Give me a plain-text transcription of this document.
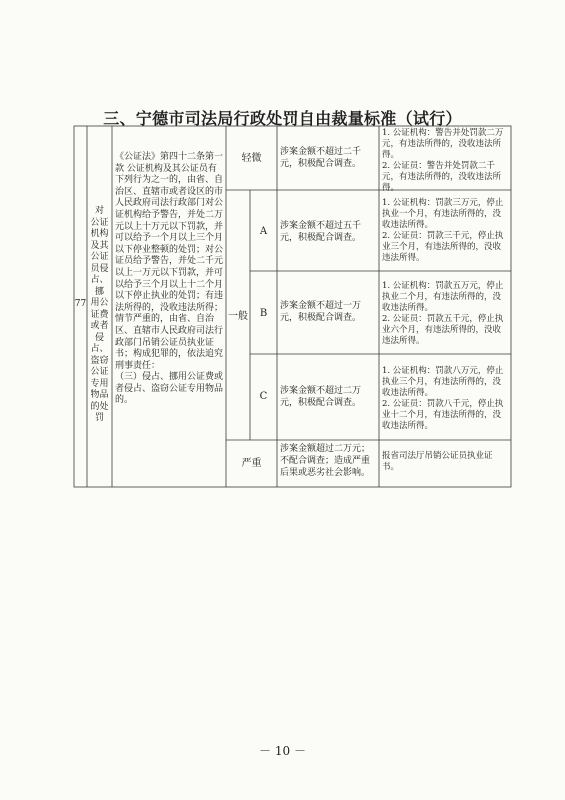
三、宁德市司法局行政处罚自由裁量标准（试行）
77
对
公证
机构
及其
公证
员侵
占、挪
用公
证费
或者
侵占、
盗窃
公证
专用
物品
的处
罚
《公证法》第四十二条第一款 公证机构及其公证员有下列行为之一的，由省、自治区、直辖市或者设区的市人民政府司法行政部门对公证机构给予警告，并处二万元以上十万元以下罚款，并可以给予一个月以上三个月以下停业整顿的处罚；对公证员给予警告，并处二千元以上一万元以下罚款，并可以给予三个月以上十二个月以下停止执业的处罚；有违法所得的，没收违法所得；情节严重的，由省、自治区、直辖市人民政府司法行政部门吊销公证员执业证书；构成犯罪的，依法追究刑事责任：
（三）侵占、挪用公证费或者侵占、盗窃公证专用物品的。
轻微
涉案金额不超过二千元，积极配合调查。
1. 公证机构：警告并处罚款二万元，有违法所得的，没收违法所得。
2. 公证员：警告并处罚款二千元，有违法所得的，没收违法所得。
一般
A	涉案金额不超过五千元，积极配合调查。
1. 公证机构：罚款三万元，停止执业一个月，有违法所得的，没收违法所得。
2. 公证员：罚款三千元，停止执业三个月，有违法所得的，没收违法所得。
B
涉案金额不超过一万元，积极配合调查。
1. 公证机构：罚款五万元，停止执业二个月，有违法所得的，没收违法所得。
2. 公证员：罚款五千元，停止执业六个月，有违法所得的，没收违法所得。
C	涉案金额不超过二万元，积极配合调查。
1. 公证机构：罚款八万元，停止执业三个月，有违法所得的，没收违法所得。
2. 公证员：罚款八千元，停止执业十二个月，有违法所得的，没收违法所得。
严重
涉案金额超过二万元；不配合调查；造成严重后果或恶劣社会影响。
报省司法厅吊销公证员执业证书。
－ 10 －
